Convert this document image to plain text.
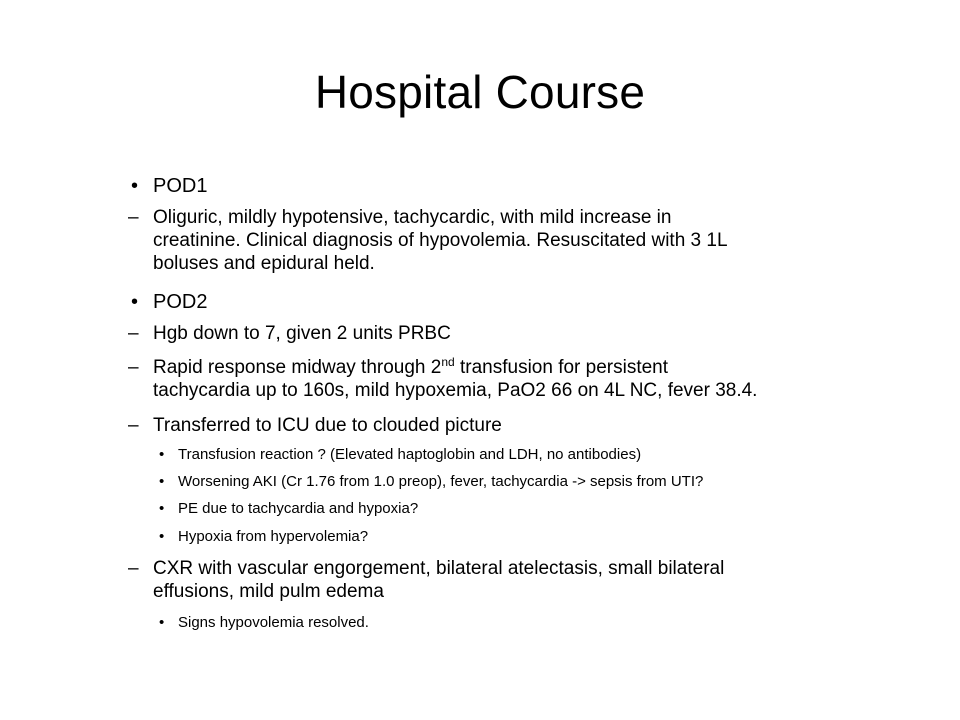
Hospital Course
• POD1
– Oliguric, mildly hypotensive, tachycardic, with mild increase in
creatinine. Clinical diagnosis of hypovolemia. Resuscitated with 3 1L
boluses and epidural held.
• POD2
– Hgb down to 7, given 2 units PRBC
– Rapid response midway through 2nd transfusion for persistent
tachycardia up to 160s, mild hypoxemia, PaO2 66 on 4L NC, fever 38.4.
– Transferred to ICU due to clouded picture
• Transfusion reaction ? (Elevated haptoglobin and LDH, no antibodies)
• Worsening AKI (Cr 1.76 from 1.0 preop), fever, tachycardia -> sepsis from UTI?
• PE due to tachycardia and hypoxia?
• Hypoxia from hypervolemia?
– CXR with vascular engorgement, bilateral atelectasis, small bilateral
effusions, mild pulm edema
• Signs hypovolemia resolved.
